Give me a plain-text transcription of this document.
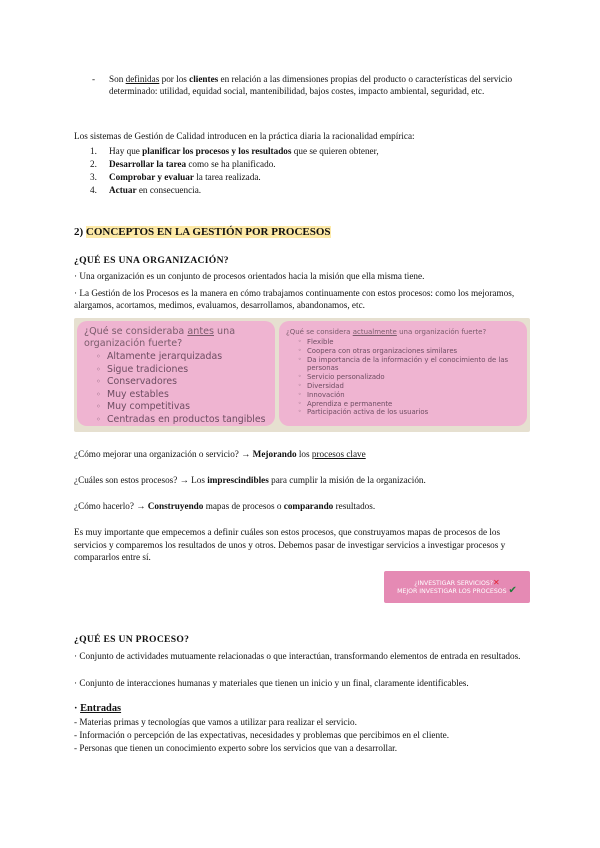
-	Son definidas por los clientes en relación a las dimensiones propias del producto o características del servicio determinado: utilidad, equidad social, mantenibilidad, bajos costes, impacto ambiental, seguridad, etc.
Los sistemas de Gestión de Calidad introducen en la práctica diaria la racionalidad empírica:
1. Hay que planificar los procesos y los resultados que se quieren obtener,
2. Desarrollar la tarea como se ha planificado.
3. Comprobar y evaluar la tarea realizada.
4. Actuar en consecuencia.
2) CONCEPTOS EN LA GESTIÓN POR PROCESOS
¿QUÉ ES UNA ORGANIZACIÓN?
· Una organización es un conjunto de procesos orientados hacia la misión que ella misma tiene.
· La Gestión de los Procesos es la manera en cómo trabajamos continuamente con estos procesos: como los mejoramos, alargamos, acortamos, medimos, evaluamos, desarrollamos, abandonamos, etc.
¿Qué se consideraba antes una organización fuerte?
◦ Altamente jerarquizadas
◦ Sigue tradiciones
◦ Conservadores
◦ Muy estables
◦ Muy competitivas
◦ Centradas en productos tangibles
¿Qué se considera actualmente una organización fuerte?
◦ Flexible
◦ Coopera con otras organizaciones similares
◦ Da importancia de la información y el conocimiento de las personas
◦ Servicio personalizado
◦ Diversidad
◦ Innovación
◦ Aprendiza e permanente
◦ Participación activa de los usuarios
¿Cómo mejorar una organización o servicio? → Mejorando los procesos clave
¿Cuáles son estos procesos? → Los imprescindibles para cumplir la misión de la organización.
¿Cómo hacerlo? → Construyendo mapas de procesos o comparando resultados.
Es muy importante que empecemos a definir cuáles son estos procesos, que construyamos mapas de procesos de los servicios y comparemos los resultados de unos y otros. Debemos pasar de investigar servicios a investigar procesos y compararlos entre sí.
¿INVESTIGAR SERVICIOS?✕
MEJOR INVESTIGAR LOS PROCESOS ✔
¿QUÉ ES UN PROCESO?
· Conjunto de actividades mutuamente relacionadas o que interactúan, transformando elementos de entrada en resultados.
· Conjunto de interacciones humanas y materiales que tienen un inicio y un final, claramente identificables.
· Entradas
- Materias primas y tecnologías que vamos a utilizar para realizar el servicio.
- Información o percepción de las expectativas, necesidades y problemas que percibimos en el cliente.
- Personas que tienen un conocimiento experto sobre los servicios que van a desarrollar.
